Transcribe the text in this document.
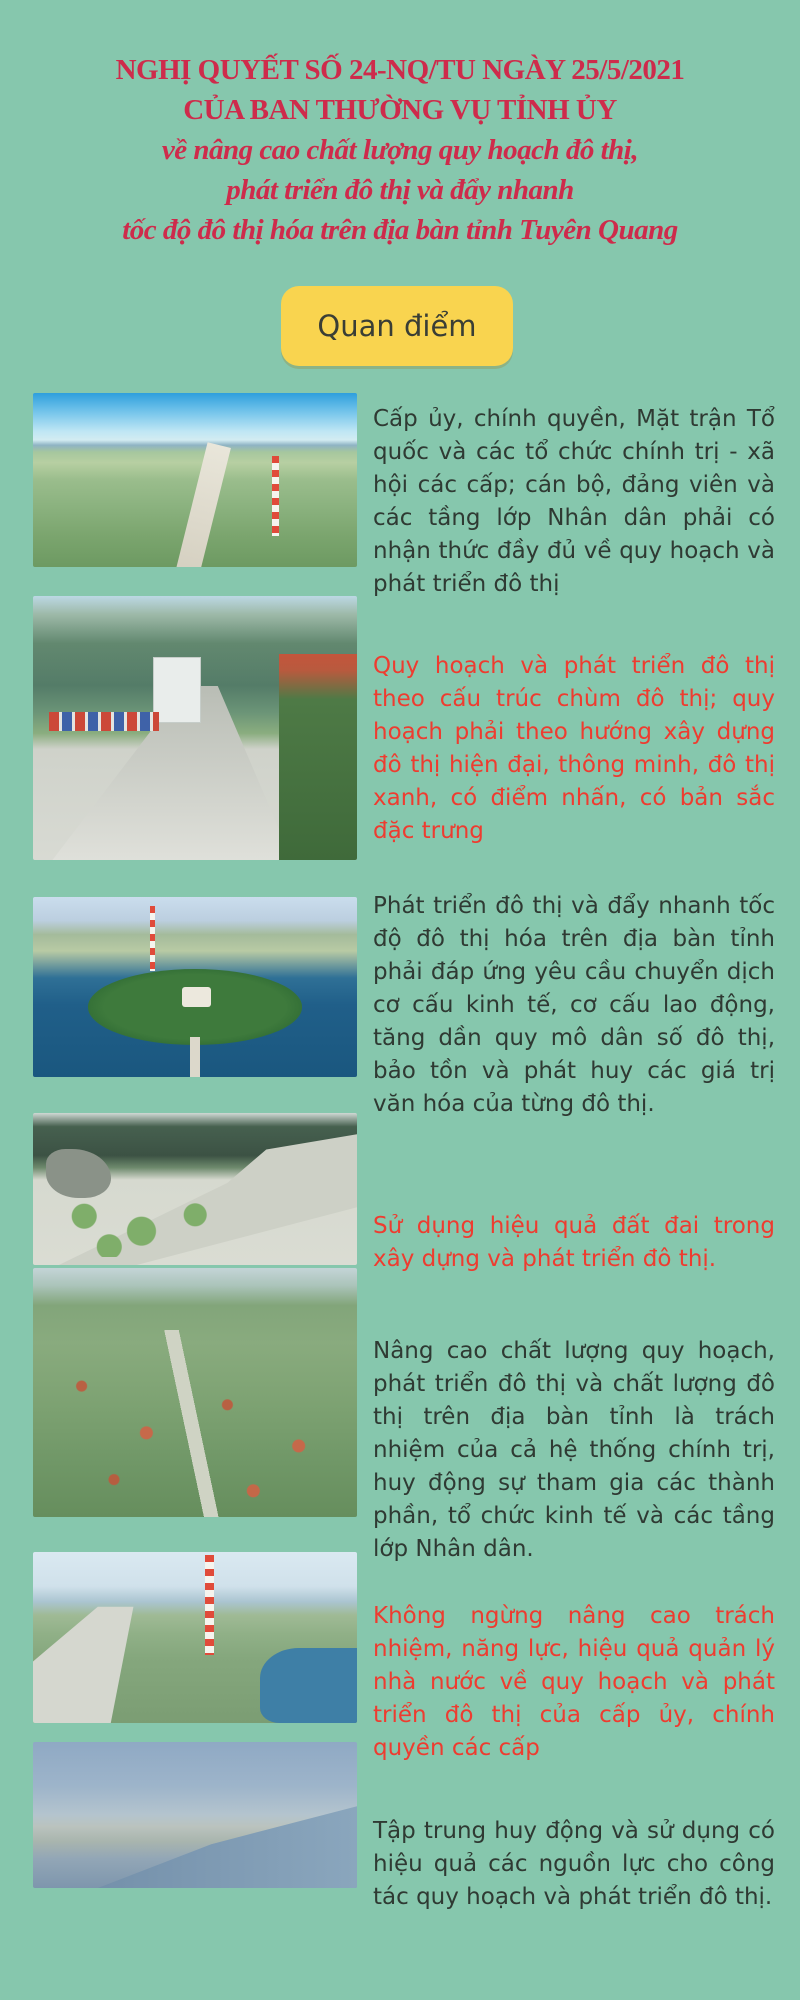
NGHỊ QUYẾT SỐ 24-NQ/TU NGÀY 25/5/2021
CỦA BAN THƯỜNG VỤ TỈNH ỦY
về nâng cao chất lượng quy hoạch đô thị,
phát triển đô thị và đẩy nhanh
tốc độ đô thị hóa trên địa bàn tỉnh Tuyên Quang
Quan điểm

Cấp ủy, chính quyền, Mặt trận Tổ quốc và các tổ chức chính trị - xã hội các cấp; cán bộ, đảng viên và các tầng lớp Nhân dân phải có nhận thức đầy đủ về quy hoạch và phát triển đô thị

Quy hoạch và phát triển đô thị theo cấu trúc chùm đô thị; quy hoạch phải theo hướng xây dựng đô thị hiện đại, thông minh, đô thị xanh, có điểm nhấn, có bản sắc đặc trưng

Phát triển đô thị và đẩy nhanh tốc độ đô thị hóa trên địa bàn tỉnh phải đáp ứng yêu cầu chuyển dịch cơ cấu kinh tế, cơ cấu lao động, tăng dần quy mô dân số đô thị, bảo tồn và phát huy các giá trị văn hóa của từng đô thị.

Sử dụng hiệu quả đất đai trong xây dựng và phát triển đô thị.

Nâng cao chất lượng quy hoạch, phát triển đô thị và chất lượng đô thị trên địa bàn tỉnh là trách nhiệm của cả hệ thống chính trị, huy động sự tham gia các thành phần, tổ chức kinh tế và các tầng lớp Nhân dân.

Không ngừng nâng cao trách nhiệm, năng lực, hiệu quả quản lý nhà nước về quy hoạch và phát triển đô thị của cấp ủy, chính quyền các cấp

Tập trung huy động và sử dụng có hiệu quả các nguồn lực cho công tác quy hoạch và phát triển đô thị.
